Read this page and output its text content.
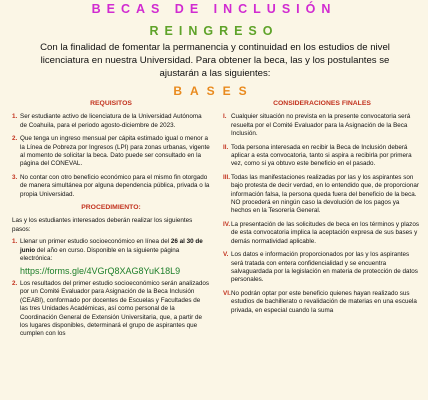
BECAS DE INCLUSIÓN
REINGRESO
Con la finalidad de fomentar la permanencia y continuidad en los estudios de nivel licenciatura en nuestra Universidad. Para obtener la beca, las y los postulantes se ajustarán a las siguientes:
BASES
REQUISITOS
1. Ser estudiante activo de licenciatura de la Universidad Autónoma de Coahuila, para el periodo agosto-diciembre de 2023.
2. Que tenga un ingreso mensual per cápita estimado igual o menor a la Línea de Pobreza por Ingresos (LPI) para zonas urbanas, vigente al momento de solicitar la beca. Dato puede ser consultado en la página del CONEVAL.
3. No contar con otro beneficio económico para el mismo fin otorgado de manera simultánea por alguna dependencia pública, privada o la propia Universidad.
PROCEDIMIENTO:
Las y los estudiantes interesados deberán realizar los siguientes pasos:
1. Llenar un primer estudio socioeconómico en línea del 26 al 30 de junio del año en curso. Disponible en la siguiente página electrónica:
https://forms.gle/4VGrQ8XAG8YuK18L9
2. Los resultados del primer estudio socioeconómico serán analizados por un Comité Evaluador para Asignación de la Beca Inclusión (CEABI), conformado por docentes de Escuelas y Facultades de las tres Unidades Académicas, así como personal de la Coordinación General de Extensión Universitaria, que, a partir de los lugares disponibles, determinará el grupo de aspirantes que cumplen con los
CONSIDERACIONES FINALES
I. Cualquier situación no prevista en la presente convocatoria será resuelta por el Comité Evaluador para la Asignación de la Beca Inclusión.
II. Toda persona interesada en recibir la Beca de Inclusión deberá aplicar a esta convocatoria, tanto si aspira a recibirla por primera vez, como si ya obtuvo este beneficio en el pasado.
III. Todas las manifestaciones realizadas por las y los aspirantes son bajo protesta de decir verdad, en lo entendido que, de proporcionar información falsa, la persona queda fuera del beneficio de la beca. NO procederá en ningún caso la devolución de los pagos ya hechos en la Tesorería General.
IV. La presentación de las solicitudes de beca en los términos y plazos de esta convocatoria implica la aceptación expresa de sus bases y demás normatividad aplicable.
V. Los datos e información proporcionados por las y los aspirantes será tratada con entera confidencialidad y se encuentra salvaguardada por la legislación en materia de protección de datos personales.
VI. No podrán optar por este beneficio quienes hayan realizado sus estudios de bachillerato o revalidación de materias en una escuela privada, en especial cuando la suma
